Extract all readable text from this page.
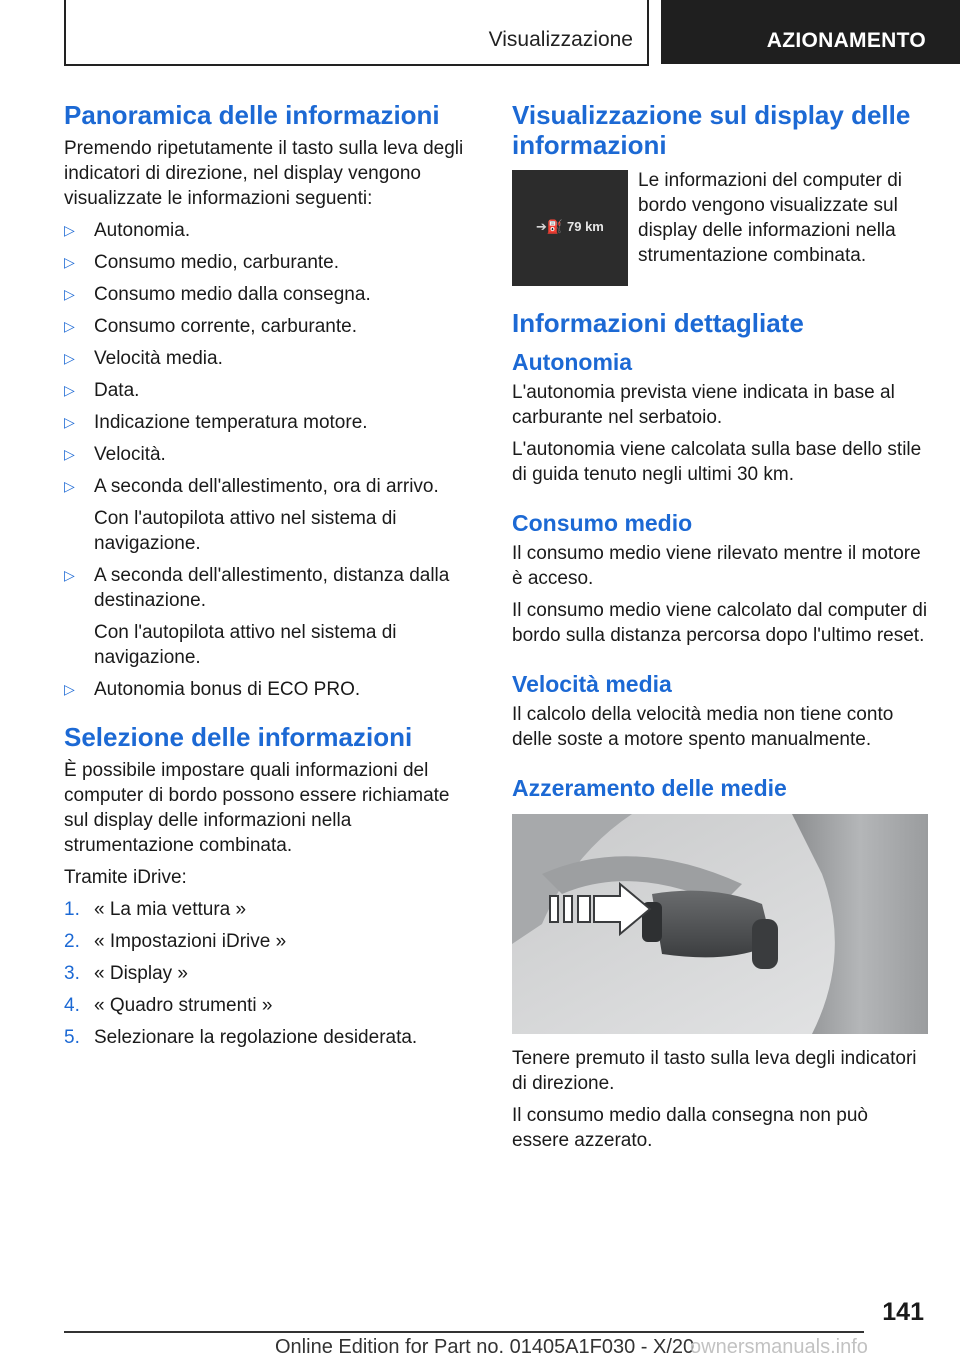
Visualizzazione	AZIONAMENTO
Panoramica delle informazioni

Premendo ripetutamente il tasto sulla leva degli indicatori di direzione, nel display vengono visualizzate le informazioni seguenti:

▷ Autonomia.
▷ Consumo medio, carburante.
▷ Consumo medio dalla consegna.
▷ Consumo corrente, carburante.
▷ Velocità media.
▷ Data.
▷ Indicazione temperatura motore.
▷ Velocità.
▷ A seconda dell'allestimento, ora di arrivo.
Con l'autopilota attivo nel sistema di navigazione.
▷ A seconda dell'allestimento, distanza dalla destinazione.
Con l'autopilota attivo nel sistema di navigazione.
▷ Autonomia bonus di ECO PRO.
Selezione delle informazioni

È possibile impostare quali informazioni del computer di bordo possono essere richiamate sul display delle informazioni nella strumentazione combinata.

Tramite iDrive:

1. « La mia vettura »
2. « Impostazioni iDrive »
3. « Display »
4. « Quadro strumenti »
5. Selezionare la regolazione desiderata.
Visualizzazione sul display delle informazioni
➔⛽ 79 km
Le informazioni del computer di bordo vengono visualizzate sul display delle informazioni nella strumentazione combinata.
Informazioni dettagliate
Autonomia

L'autonomia prevista viene indicata in base al carburante nel serbatoio.

L'autonomia viene calcolata sulla base dello stile di guida tenuto negli ultimi 30 km.

Consumo medio

Il consumo medio viene rilevato mentre il motore è acceso.

Il consumo medio viene calcolato dal computer di bordo sulla distanza percorsa dopo l'ultimo reset.

Velocità media

Il calcolo della velocità media non tiene conto delle soste a motore spento manualmente.

Azzeramento delle medie

Tenere premuto il tasto sulla leva degli indicatori di direzione.

Il consumo medio dalla consegna non può essere azzerato.

141
Online Edition for Part no. 01405A1F030 - X/20
ownersmanuals.info
